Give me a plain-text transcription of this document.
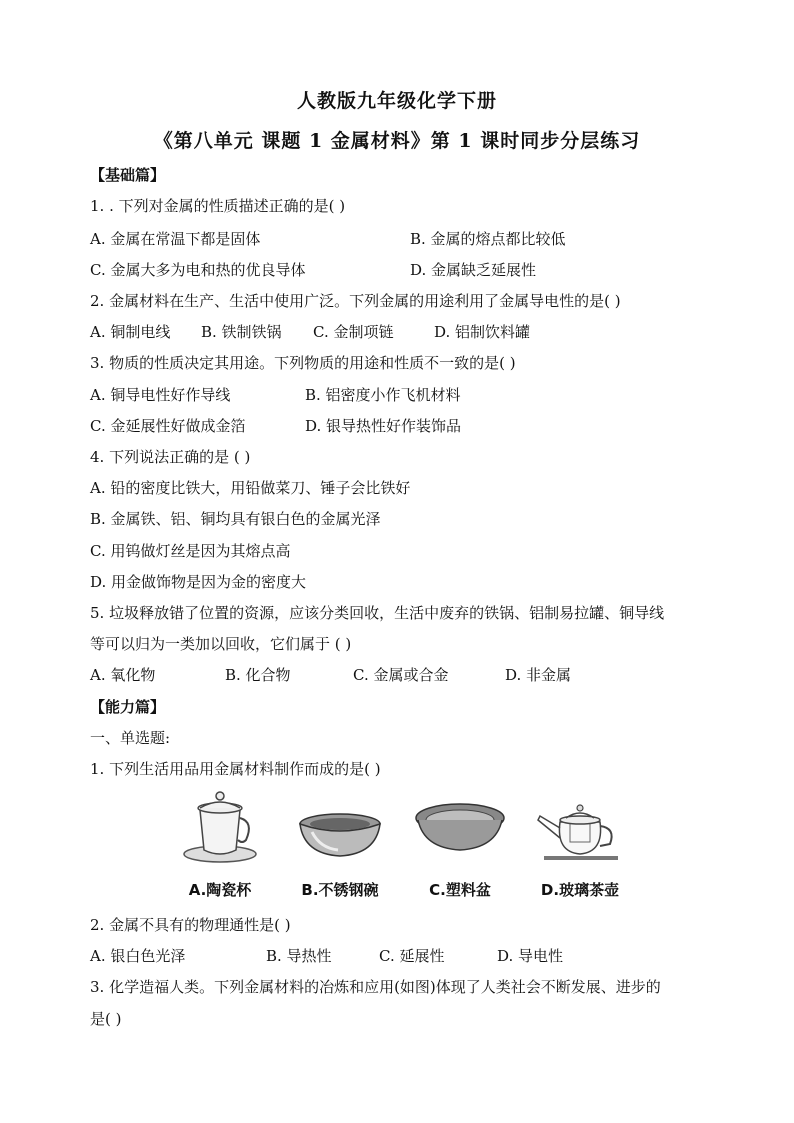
人教版九年级化学下册
《第八单元 课题 1 金属材料》第 1 课时同步分层练习
【基础篇】
1. . 下列对金属的性质描述正确的是( )
A. 金属在常温下都是固体	B. 金属的熔点都比较低
C. 金属大多为电和热的优良导体	D. 金属缺乏延展性
2. 金属材料在生产、生活中使用广泛。下列金属的用途利用了金属导电性的是( )
A. 铜制电线 B. 铁制铁锅 C. 金制项链	D. 铝制饮料罐
3. 物质的性质决定其用途。下列物质的用途和性质不一致的是( )
A. 铜导电性好作导线	B. 铝密度小作飞机材料
C. 金延展性好做成金箔	D. 银导热性好作装饰品
4. 下列说法正确的是 ( )
A. 铅的密度比铁大，用铅做菜刀、锤子会比铁好
B. 金属铁、铝、铜均具有银白色的金属光泽
C. 用钨做灯丝是因为其熔点高
D. 用金做饰物是因为金的密度大
5. 垃圾释放错了位置的资源，应该分类回收，生活中废弃的铁锅、铝制易拉罐、铜导线
等可以归为一类加以回收，它们属于 ( )
A. 氧化物	B. 化合物	C. 金属或合金	D. 非金属
【能力篇】
一、单选题:
1. 下列生活用品用金属材料制作而成的是( )
A.陶瓷杯	B.不锈钢碗	C.塑料盆	D.玻璃茶壶
2. 金属不具有的物理通性是( )
A. 银白色光泽	B. 导热性	C. 延展性	D. 导电性
3. 化学造福人类。下列金属材料的冶炼和应用(如图)体现了人类社会不断发展、进步的
是( )
